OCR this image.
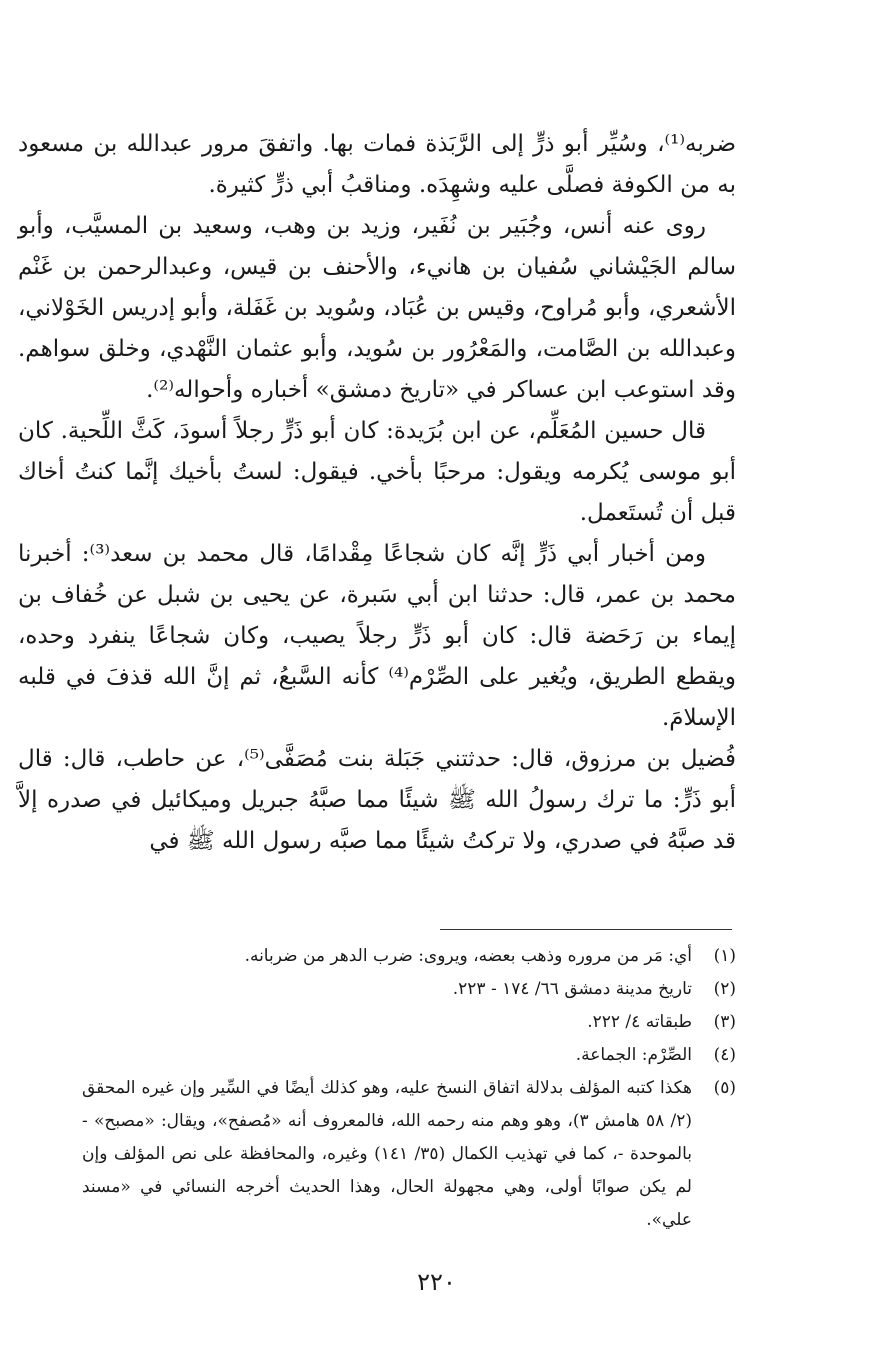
ضربه⁽¹⁾، وسُيِّر أبو ذرٍّ إلى الرَّبَذة فمات بها. واتفقَ مرور عبدالله بن مسعود به من الكوفة فصلَّى عليه وشهِدَه. ومناقبُ أبي ذرٍّ كثيرة.

روى عنه أنس، وجُبَير بن نُفَير، وزيد بن وهب، وسعيد بن المسيَّب، وأبو سالم الجَيْشاني سُفيان بن هانيء، والأحنف بن قيس، وعبدالرحمن بن غَنْم الأشعري، وأبو مُراوح، وقيس بن عُبَاد، وسُويد بن غَفَلة، وأبو إدريس الخَوْلاني، وعبدالله بن الصَّامت، والمَعْرُور بن سُويد، وأبو عثمان النَّهْدي، وخلق سواهم. وقد استوعب ابن عساكر في «تاريخ دمشق» أخباره وأحواله⁽²⁾.

قال حسين المُعَلِّم، عن ابن بُرَيدة: كان أبو ذَرٍّ رجلاً أسودَ، كَثَّ اللِّحية. كان أبو موسى يُكرمه ويقول: مرحبًا بأخي. فيقول: لستُ بأخيك إنَّما كنتُ أخاك قبل أن تُستَعمل.

ومن أخبار أبي ذَرٍّ إنَّه كان شجاعًا مِقْدامًا، قال محمد بن سعد⁽³⁾: أخبرنا محمد بن عمر، قال: حدثنا ابن أبي سَبرة، عن يحيى بن شبل عن خُفاف بن إيماء بن رَحَضة قال: كان أبو ذَرٍّ رجلاً يصيب، وكان شجاعًا ينفرد وحده، ويقطع الطريق، ويُغير على الصِّرْم⁽⁴⁾ كأنه السَّبعُ، ثم إنَّ الله قذفَ في قلبه الإسلامَ.

فُضيل بن مرزوق، قال: حدثتني جَبَلة بنت مُصَفَّى⁽⁵⁾، عن حاطب، قال: قال أبو ذَرٍّ: ما ترك رسولُ الله ﷺ شيئًا مما صبَّهُ جبريل وميكائيل في صدره إلاَّ قد صبَّهُ في صدري، ولا تركتُ شيئًا مما صبَّه رسول الله ﷺ في

(١)
أي: مَر من مروره وذهب بعضه، ويروى: ضرب الدهر من ضربانه.
(٢)
تاريخ مدينة دمشق ٦٦/ ١٧٤ - ٢٢٣.
(٣)
طبقاته ٤/ ٢٢٢.
(٤)
الصِّرْم: الجماعة.
(٥)
هكذا كتبه المؤلف بدلالة اتفاق النسخ عليه، وهو كذلك أيضًا في السِّير وإن غيره المحقق (٢/ ٥٨ هامش ٣)، وهو وهم منه رحمه الله، فالمعروف أنه «مُصفح»، ويقال: «مصبح» - بالموحدة -، كما في تهذيب الكمال (٣٥/ ١٤١) وغيره، والمحافظة على نص المؤلف وإن لم يكن صوابًا أولى، وهي مجهولة الحال، وهذا الحديث أخرجه النسائي في «مسند علي».
٢٢٠
